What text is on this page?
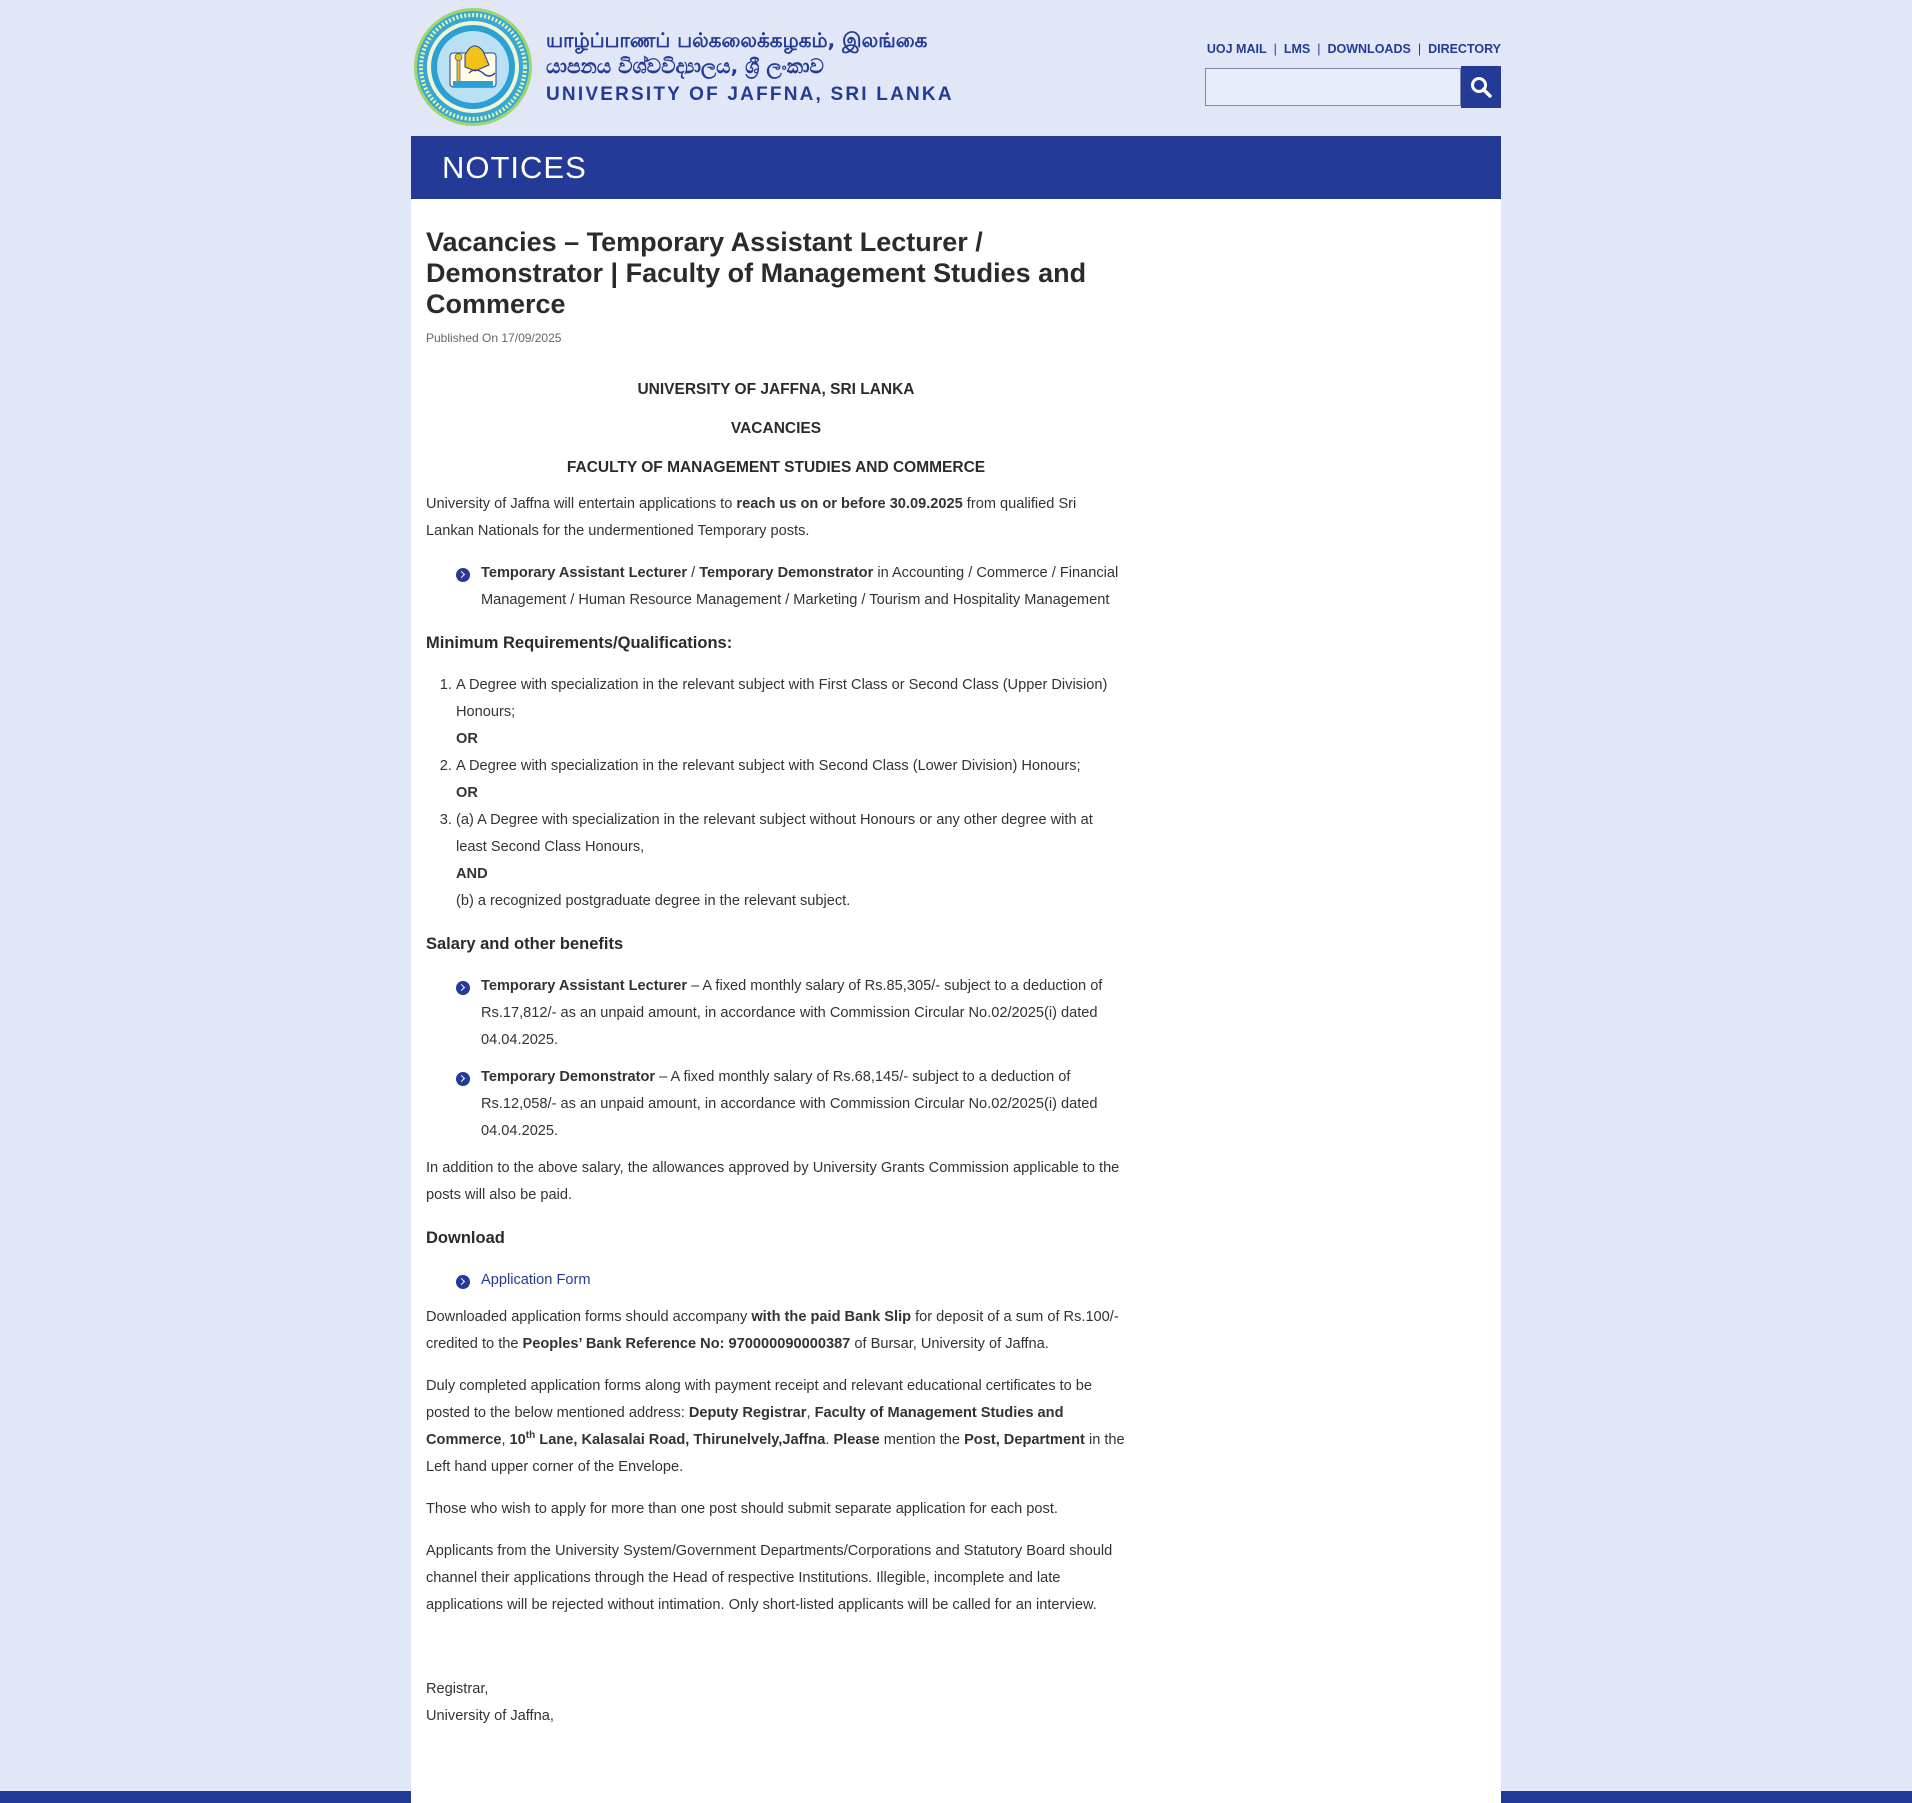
யாழ்ப்பாணப் பல்கலைக்கழகம், இலங்கை
යාපනය විශ්වවිද්‍යාලය, ශ්‍රී ලංකාව
UNIVERSITY OF JAFFNA, SRI LANKA
UOJ MAIL | LMS | DOWNLOADS | DIRECTORY
NOTICES
Vacancies – Temporary Assistant Lecturer / Demonstrator | Faculty of Management Studies and Commerce
Published On 17/09/2025
UNIVERSITY OF JAFFNA, SRI LANKA
VACANCIES
FACULTY OF MANAGEMENT STUDIES AND COMMERCE

University of Jaffna will entertain applications to reach us on or before 30.09.2025 from qualified Sri Lankan Nationals for the undermentioned Temporary posts.

Temporary Assistant Lecturer / Temporary Demonstrator in Accounting / Commerce / Financial Management / Human Resource Management / Marketing / Tourism and Hospitality Management
Minimum Requirements/Qualifications:
1. A Degree with specialization in the relevant subject with First Class or Second Class (Upper Division) Honours;
OR
2. A Degree with specialization in the relevant subject with Second Class (Lower Division) Honours;
OR
3. (a) A Degree with specialization in the relevant subject without Honours or any other degree with at least Second Class Honours,
AND
(b) a recognized postgraduate degree in the relevant subject.
Salary and other benefits
Temporary Assistant Lecturer – A fixed monthly salary of Rs.85,305/- subject to a deduction of Rs.17,812/- as an unpaid amount, in accordance with Commission Circular No.02/2025(i) dated 04.04.2025.
Temporary Demonstrator – A fixed monthly salary of Rs.68,145/- subject to a deduction of Rs.12,058/- as an unpaid amount, in accordance with Commission Circular No.02/2025(i) dated 04.04.2025.

In addition to the above salary, the allowances approved by University Grants Commission applicable to the posts will also be paid.

Download
Application Form

Downloaded application forms should accompany with the paid Bank Slip for deposit of a sum of Rs.100/- credited to the Peoples’ Bank Reference No: 970000090000387 of Bursar, University of Jaffna.

Duly completed application forms along with payment receipt and relevant educational certificates to be posted to the below mentioned address: Deputy Registrar, Faculty of Management Studies and Commerce, 10th Lane, Kalasalai Road, Thirunelvely,Jaffna. Please mention the Post, Department in the Left hand upper corner of the Envelope.

Those who wish to apply for more than one post should submit separate application for each post.

Applicants from the University System/Government Departments/Corporations and Statutory Board should channel their applications through the Head of respective Institutions. Illegible, incomplete and late applications will be rejected without intimation. Only short-listed applicants will be called for an interview.

Registrar,
University of Jaffna,
